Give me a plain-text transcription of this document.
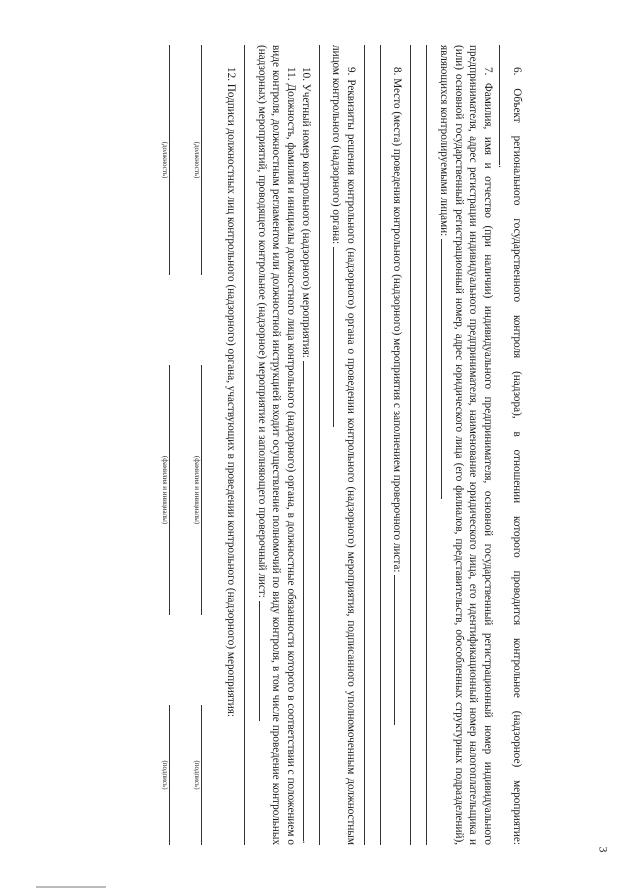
3

6. Объект регионального государственного контроля (надзора), в отношении которого проводится контрольное (надзорное) мероприятие: .

7. Фамилия, имя и отчество (при наличии) индивидуального предпринимателя, основной государственный регистрационный номер индивидуального предпринимателя, адрес регистрации индивидуального предпринимателя, наименование юридического лица, его идентификационный номер налогоплательщика и (или) основной государственный регистрационный номер, адрес юридического лица (его филиалов, представительств, обособленных структурных подразделений), являющихся контролируемыми лицами:

8. Место (места) проведения контрольного (надзорного) мероприятия с заполнением проверочного листа:

9. Реквизиты решения контрольного (надзорного) органа о проведении контрольного (надзорного) мероприятия, подписанного уполномоченным должностным лицом контрольного (надзорного) органа:

10. Учетный номер контрольного (надзорного) мероприятия: .

11. Должность, фамилия и инициалы должностного лица контрольного (надзорного) органа, в должностные обязанности которого в соответствии с положением о виде контроля, должностным регламентом или должностной инструкцией входит осуществление полномочий по виду контроля, в том числе проведение контрольных (надзорных) мероприятий, проводящего контрольное (надзорное) мероприятие и заполняющего проверочный лист:

12. Подписи должностных лиц контрольного (надзорного) органа, участвующих в проведении контрольного (надзорного) мероприятия:

(должность)
(фамилия и инициалы)
(подпись)
(должность)
(фамилия и инициалы)
(подпись)
